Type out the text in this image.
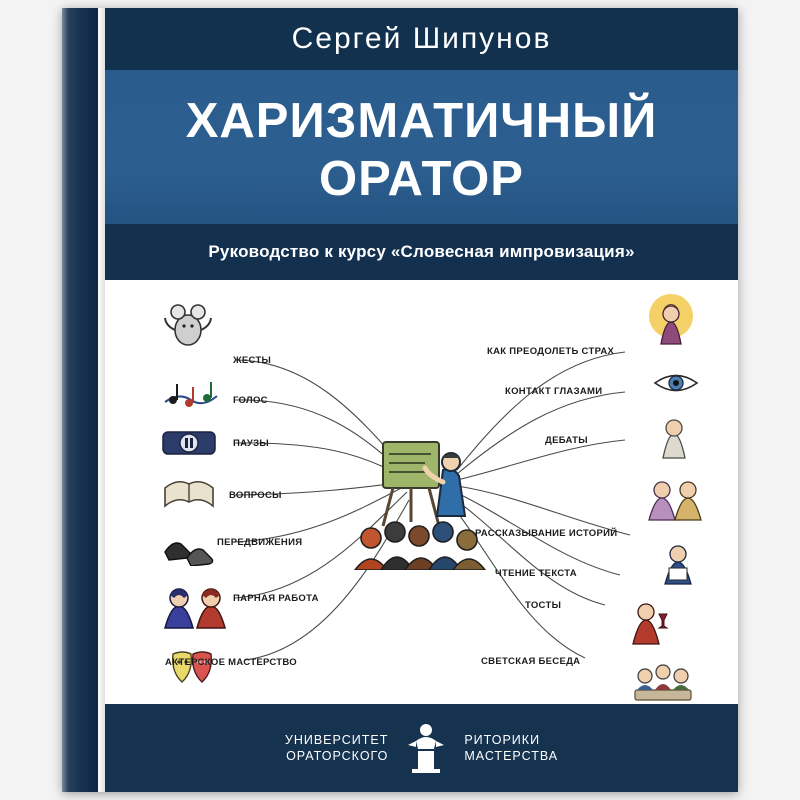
Сергей Шипунов
ХАРИЗМАТИЧНЫЙ
ОРАТОР
Руководство к курсу «Словесная импровизация»
ЖЕСТЫ
ГОЛОС
ПАУЗЫ
ВОПРОСЫ
ПЕРЕДВИЖЕНИЯ
ПАРНАЯ РАБОТА
АКТЕРСКОЕ МАСТЕРСТВО
КАК ПРЕОДОЛЕТЬ СТРАХ
КОНТАКТ ГЛАЗАМИ
ДЕБАТЫ
РАССКАЗЫВАНИЕ ИСТОРИЙ
ЧТЕНИЕ ТЕКСТА
ТОСТЫ
СВЕТСКАЯ БЕСЕДА
УНИВЕРСИТЕТ
ОРАТОРСКОГО
РИТОРИКИ
МАСТЕРСТВА
